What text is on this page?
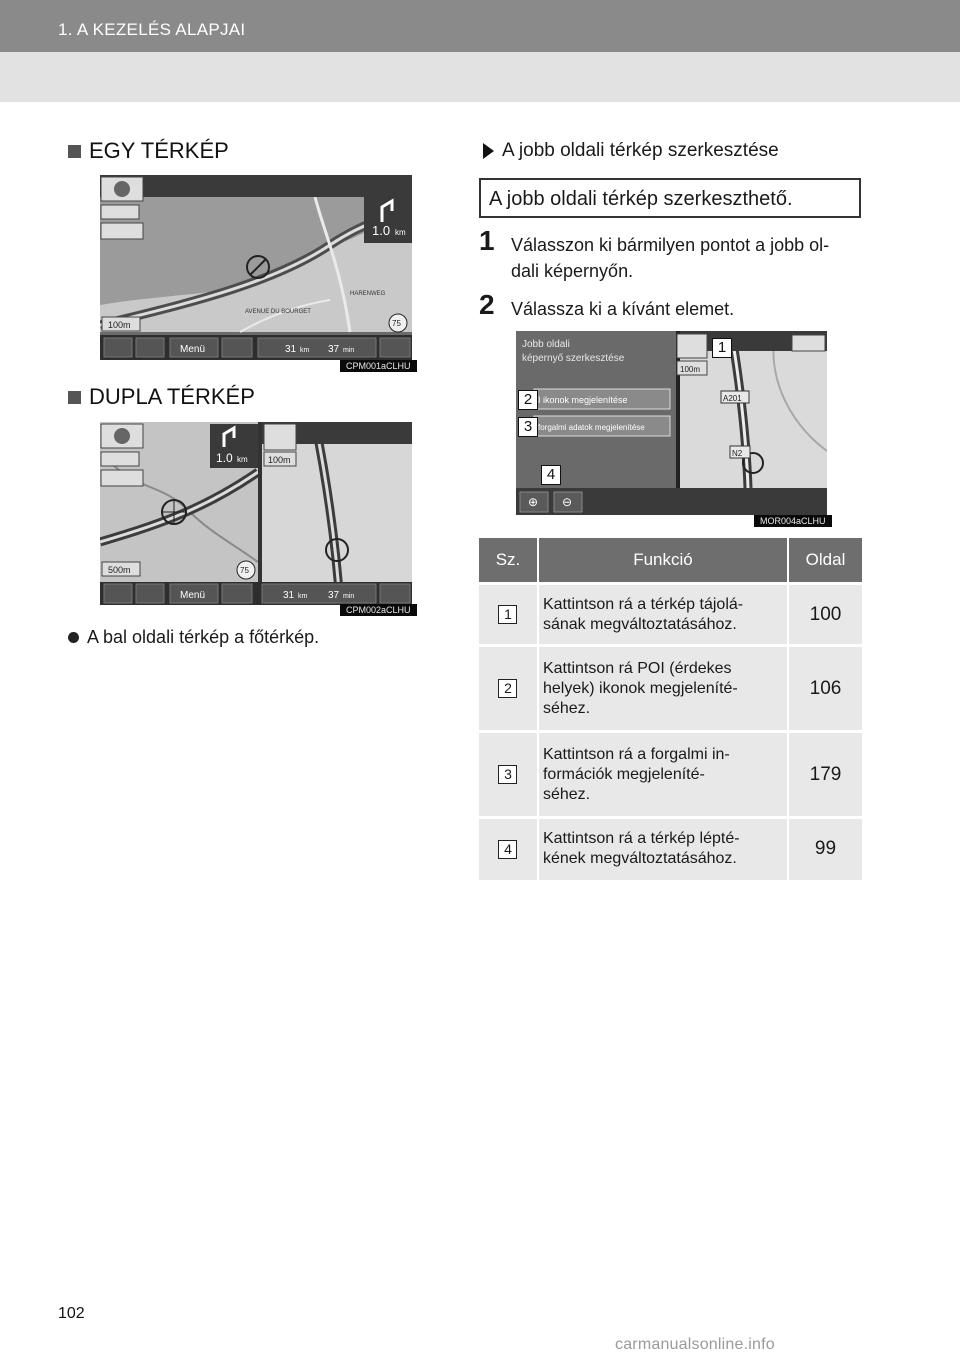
1. A KEZELÉS ALAPJAI
EGY TÉRKÉP
1.0 km
AVENUE DU BOURGET
HARENWEG
100m	75
Menü	31 km 37 min
CPM001aCLHU
DUPLA TÉRKÉP
1.0 km
500m	75
100m
Menü	31 km 37 min
CPM002aCLHU
A bal oldali térkép a főtérkép.
A jobb oldali térkép szerkesztése
A jobb oldali térkép szerkeszthető.
1 Válasszon ki bármilyen pontot a jobb ol-
dali képernyőn.
2 Válassza ki a kívánt elemet.
Jobb oldali
képernyő szerkesztése
I ikonok megjelenítése
forgalmi adatok megjelenítése
⊕ ⊖
100m
A201
N2
MOR004aCLHU
1
2
3
4
Sz.	Funkció	Oldal
1	Kattintson rá a térkép tájolá-
sának megváltoztatásához.	100
2	Kattintson rá POI (érdekes
helyek) ikonok megjeleníté-
séhez.	106
3	Kattintson rá a forgalmi in-
formációk megjeleníté-
séhez.	179
4	Kattintson rá a térkép lépté-
kének megváltoztatásához.	99
102
carmanualsonline.info
